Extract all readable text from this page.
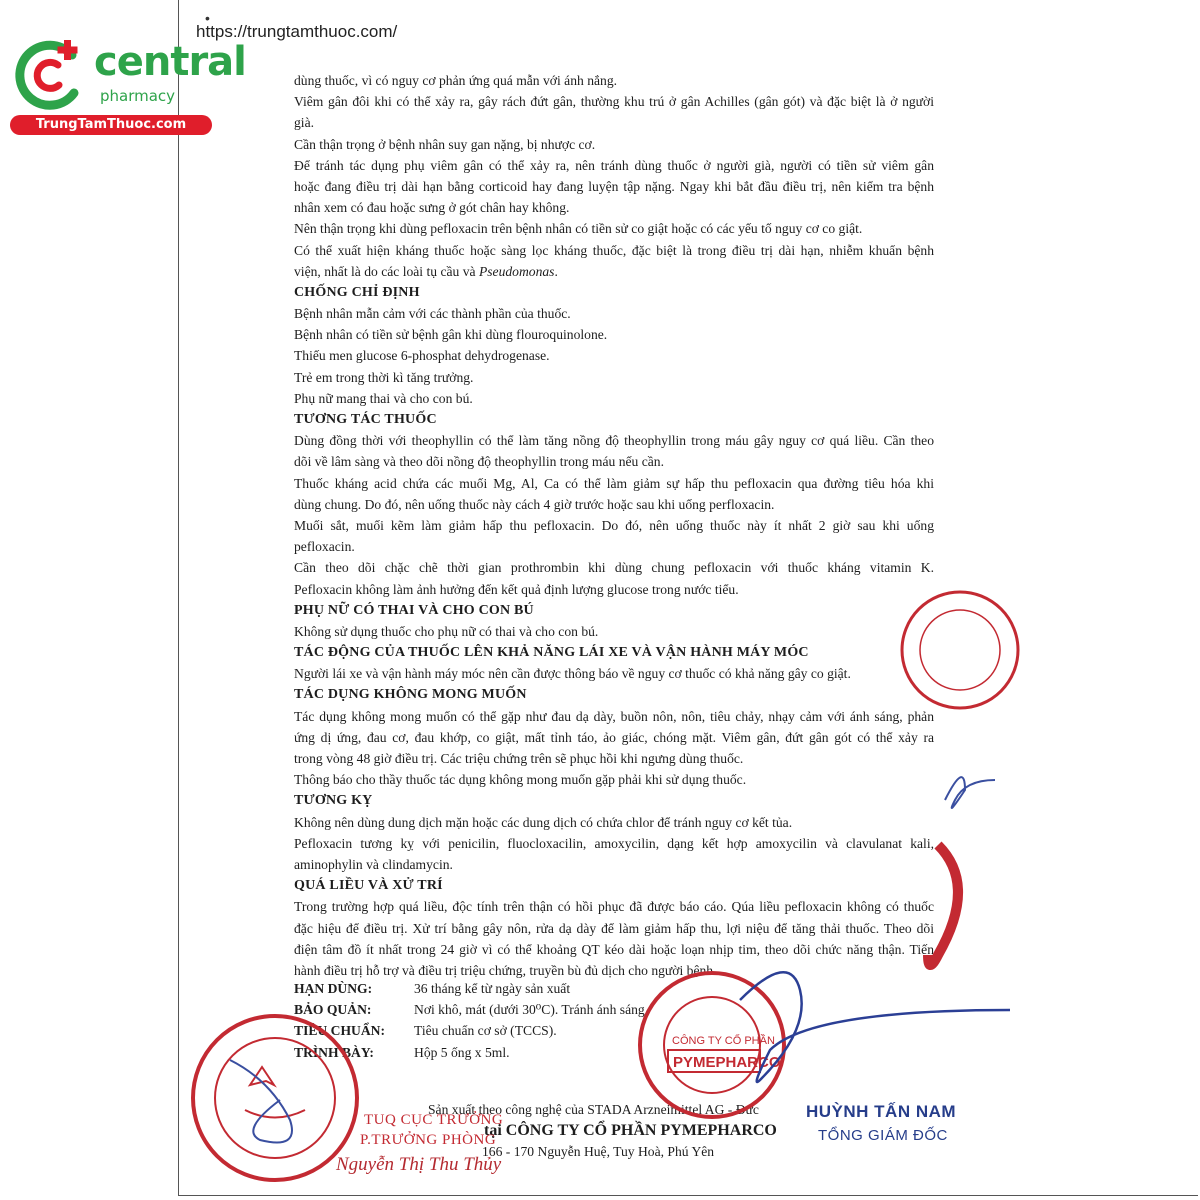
•
https://trungtamthuoc.com/
central
pharmacy
TrungTamThuoc.com
dùng thuốc, vì có nguy cơ phản ứng quá mẫn với ánh nắng.
Viêm gân đôi khi có thể xảy ra, gây rách đứt gân, thường khu trú ở gân Achilles (gân gót) và đặc biệt là ở người
già.
Cần thận trọng ở bệnh nhân suy gan nặng, bị nhược cơ.
Để tránh tác dụng phụ viêm gân có thể xảy ra, nên tránh dùng thuốc ở người già, người có tiền sử viêm gân
hoặc đang điều trị dài hạn bằng corticoid hay đang luyện tập nặng. Ngay khi bắt đầu điều trị, nên kiểm tra bệnh
nhân xem có đau hoặc sưng ở gót chân hay không.
Nên thận trọng khi dùng pefloxacin trên bệnh nhân có tiền sử co giật hoặc có các yếu tố nguy cơ co giật.
Có thể xuất hiện kháng thuốc hoặc sàng lọc kháng thuốc, đặc biệt là trong điều trị dài hạn, nhiễm khuẩn bệnh
viện, nhất là do các loài tụ cầu và Pseudomonas.
CHỐNG CHỈ ĐỊNH
Bệnh nhân mẫn cảm với các thành phần của thuốc.
Bệnh nhân có tiền sử bệnh gân khi dùng flouroquinolone.
Thiếu men glucose 6-phosphat dehydrogenase.
Trẻ em trong thời kì tăng trưởng.
Phụ nữ mang thai và cho con bú.
TƯƠNG TÁC THUỐC
Dùng đồng thời với theophyllin có thể làm tăng nồng độ theophyllin trong máu gây nguy cơ quá liều. Cần theo
dõi về lâm sàng và theo dõi nồng độ theophyllin trong máu nếu cần.
Thuốc kháng acid chứa các muối Mg, Al, Ca có thể làm giảm sự hấp thu pefloxacin qua đường tiêu hóa khi
dùng chung. Do đó, nên uống thuốc này cách 4 giờ trước hoặc sau khi uống perfloxacin.
Muối sắt, muối kẽm làm giảm hấp thu pefloxacin. Do đó, nên uống thuốc này ít nhất 2 giờ sau khi uống
pefloxacin.
Cần theo dõi chặc chẽ thời gian prothrombin khi dùng chung pefloxacin với thuốc kháng vitamin K.
Pefloxacin không làm ảnh hưởng đến kết quả định lượng glucose trong nước tiểu.
PHỤ NỮ CÓ THAI VÀ CHO CON BÚ
Không sử dụng thuốc cho phụ nữ có thai và cho con bú.
TÁC ĐỘNG CỦA THUỐC LÊN KHẢ NĂNG LÁI XE VÀ VẬN HÀNH MÁY MÓC
Người lái xe và vận hành máy móc nên cần được thông báo về nguy cơ thuốc có khả năng gây co giật.
TÁC DỤNG KHÔNG MONG MUỐN
Tác dụng không mong muốn có thể gặp như đau dạ dày, buồn nôn, nôn, tiêu chảy, nhạy cảm với ánh sáng, phản
ứng dị ứng, đau cơ, đau khớp, co giật, mất tỉnh táo, ảo giác, chóng mặt. Viêm gân, đứt gân gót có thể xảy ra
trong vòng 48 giờ điều trị. Các triệu chứng trên sẽ phục hồi khi ngưng dùng thuốc.
Thông báo cho thầy thuốc tác dụng không mong muốn gặp phải khi sử dụng thuốc.
TƯƠNG KỴ
Không nên dùng dung dịch mặn hoặc các dung dịch có chứa chlor để tránh nguy cơ kết tủa.
Pefloxacin tương kỵ với penicilin, fluocloxacilin, amoxycilin, dạng kết hợp amoxycilin và clavulanat kali,
aminophylin và clindamycin.
QUÁ LIỀU VÀ XỬ TRÍ
Trong trường hợp quá liều, độc tính trên thận có hồi phục đã được báo cáo. Qúa liều pefloxacin không có thuốc
đặc hiệu để điều trị. Xử trí bằng gây nôn, rửa dạ dày để làm giảm hấp thu, lợi niệu để tăng thải thuốc. Theo dõi
điện tâm đồ ít nhất trong 24 giờ vì có thể khoảng QT kéo dài hoặc loạn nhịp tim, theo dõi chức năng thận. Tiến
hành điều trị hỗ trợ và điều trị triệu chứng, truyền bù đủ dịch cho người bệnh.
HẠN DÙNG:	36 tháng kể từ ngày sản xuất
BẢO QUẢN:	Nơi khô, mát (dưới 30⁰C). Tránh ánh sáng.
TIÊU CHUẨN: Tiêu chuẩn cơ sở (TCCS).
TRÌNH BÀY:	Hộp 5 ống x 5ml.
Sản xuất theo công nghệ của STADA Arzneimittel AG - Đức
tại CÔNG TY CỔ PHẦN PYMEPHARCO
166 - 170 Nguyễn Huệ, Tuy Hoà, Phú Yên
CÔNG TY CỔ PHẦN
PYMEPHARCO
TUQ CỤC TRƯỞNG
P.TRƯỞNG PHÒNG
Nguyễn Thị Thu Thủy
HUỲNH TẤN NAM
TỔNG GIÁM ĐỐC
